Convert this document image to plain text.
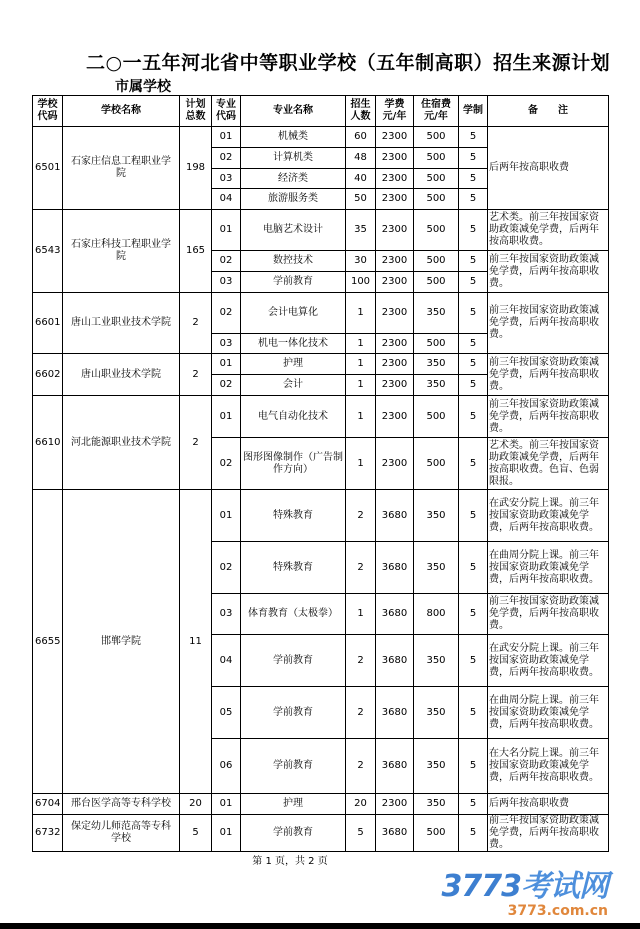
二○一五年河北省中等职业学校（五年制高职）招生来源计划
市属学校
学校代码	学校名称	计划总数	专业代码	专业名称	招生人数	学费元/年	住宿费元/年	学制	备　　注
6501	石家庄信息工程职业学院	198	01	机械类	60	2300	500	5	后两年按高职收费
			02	计算机类	48	2300	500	5	
			03	经济类	40	2300	500	5	
			04	旅游服务类	50	2300	500	5	
6543	石家庄科技工程职业学院	165	01	电脑艺术设计	35	2300	500	5	艺术类。前三年按国家资助政策减免学费，后两年按高职收费。
			02	数控技术	30	2300	500	5	前三年按国家资助政策减免学费，后两年按高职收费。
			03	学前教育	100	2300	500	5	
6601	唐山工业职业技术学院	2	02	会计电算化	1	2300	350	5	前三年按国家资助政策减免学费，后两年按高职收费。
			03	机电一体化技术	1	2300	500	5	
6602	唐山职业技术学院	2	01	护理	1	2300	350	5	前三年按国家资助政策减免学费，后两年按高职收费。
			02	会计	1	2300	350	5	
6610	河北能源职业技术学院	2	01	电气自动化技术	1	2300	500	5	前三年按国家资助政策减免学费，后两年按高职收费。
			02	图形图像制作（广告制作方向）	1	2300	500	5	艺术类。前三年按国家资助政策减免学费，后两年按高职收费。色盲、色弱限报。
6655	邯郸学院	11	01	特殊教育	2	3680	350	5	在武安分院上课。前三年按国家资助政策减免学费，后两年按高职收费。
			02	特殊教育	2	3680	350	5	在曲周分院上课。前三年按国家资助政策减免学费，后两年按高职收费。
			03	体育教育（太极拳）	1	3680	800	5	前三年按国家资助政策减免学费，后两年按高职收费。
			04	学前教育	2	3680	350	5	在武安分院上课。前三年按国家资助政策减免学费，后两年按高职收费。
			05	学前教育	2	3680	350	5	在曲周分院上课。前三年按国家资助政策减免学费，后两年按高职收费。
			06	学前教育	2	3680	350	5	在大名分院上课。前三年按国家资助政策减免学费，后两年按高职收费。
6704	邢台医学高等专科学校	20	01	护理	20	2300	350	5	后两年按高职收费
6732	保定幼儿师范高等专科学校	5	01	学前教育	5	3680	500	5	前三年按国家资助政策减免学费，后两年按高职收费。
第 1 页，共 2 页
3773考试网
3773.com.cn
